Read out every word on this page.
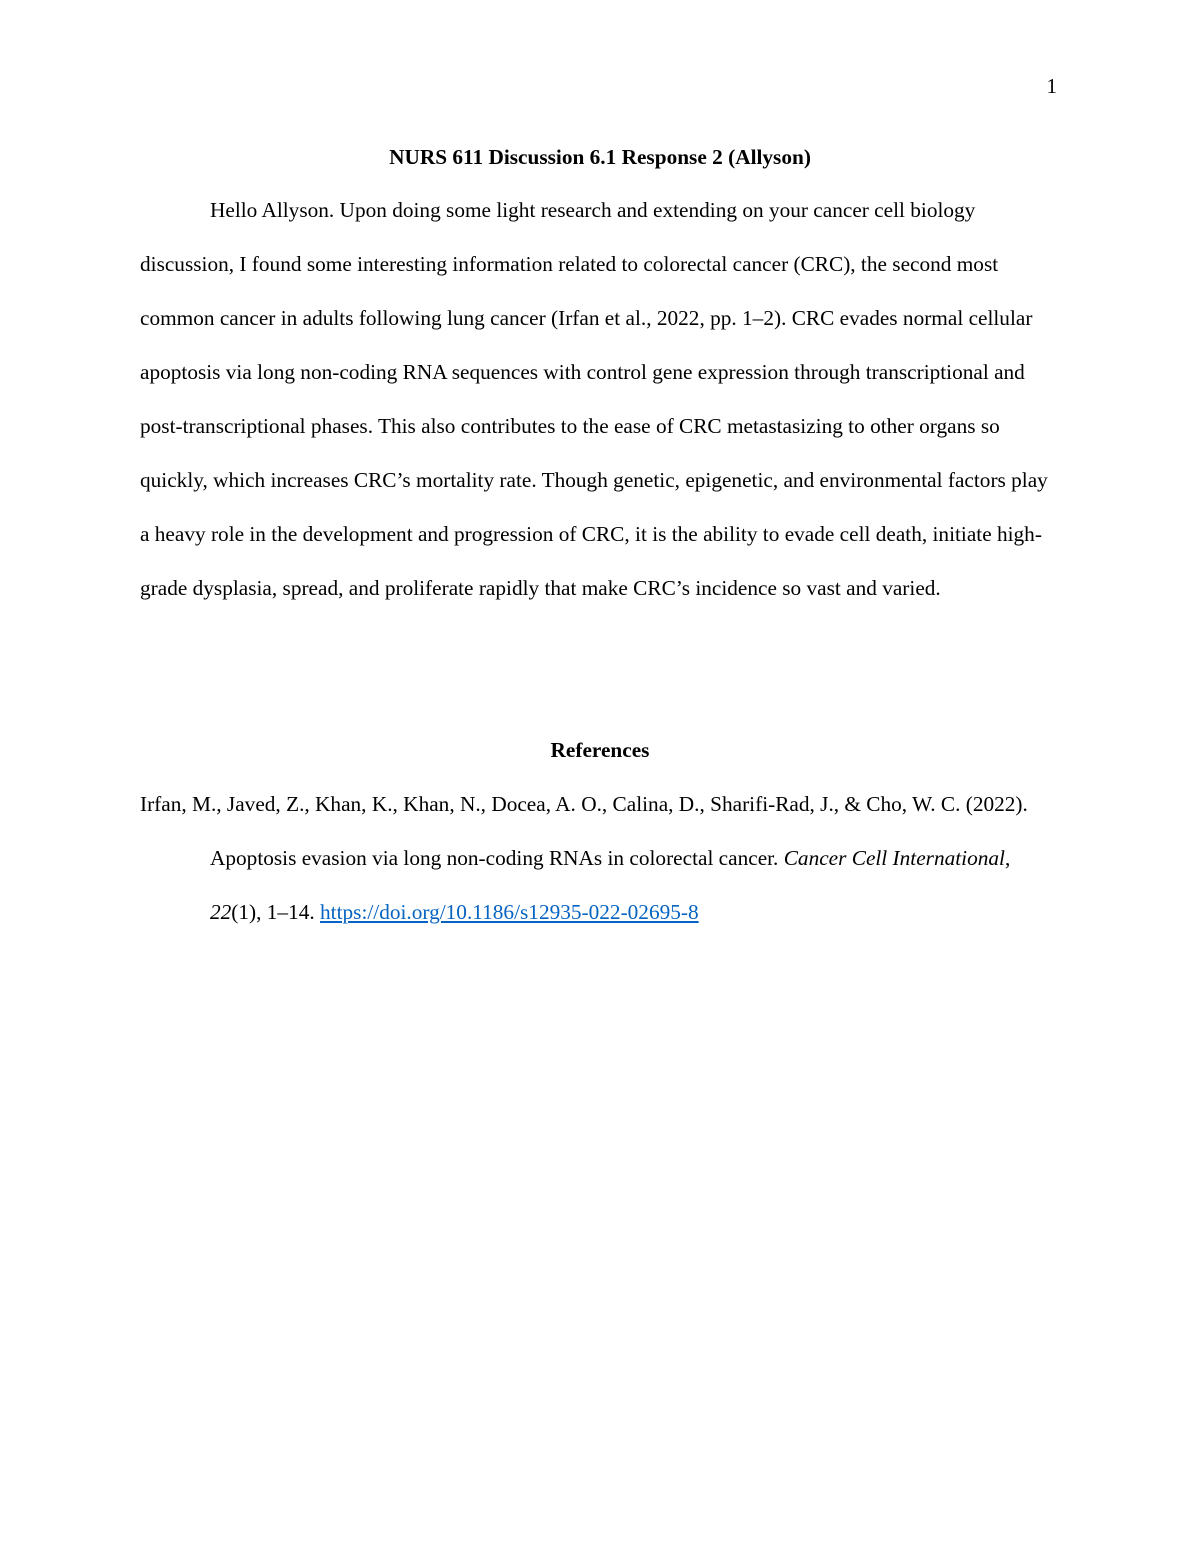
1
NURS 611 Discussion 6.1 Response 2 (Allyson)

Hello Allyson. Upon doing some light research and extending on your cancer cell biology discussion, I found some interesting information related to colorectal cancer (CRC), the second most common cancer in adults following lung cancer (Irfan et al., 2022, pp. 1–2). CRC evades normal cellular apoptosis via long non-coding RNA sequences with control gene expression through transcriptional and post-transcriptional phases. This also contributes to the ease of CRC metastasizing to other organs so quickly, which increases CRC’s mortality rate. Though genetic, epigenetic, and environmental factors play a heavy role in the development and progression of CRC, it is the ability to evade cell death, initiate high-grade dysplasia, spread, and proliferate rapidly that make CRC’s incidence so vast and varied.

References

Irfan, M., Javed, Z., Khan, K., Khan, N., Docea, A. O., Calina, D., Sharifi-Rad, J., & Cho, W. C. (2022). Apoptosis evasion via long non-coding RNAs in colorectal cancer. Cancer Cell International, 22(1), 1–14. https://doi.org/10.1186/s12935-022-02695-8
